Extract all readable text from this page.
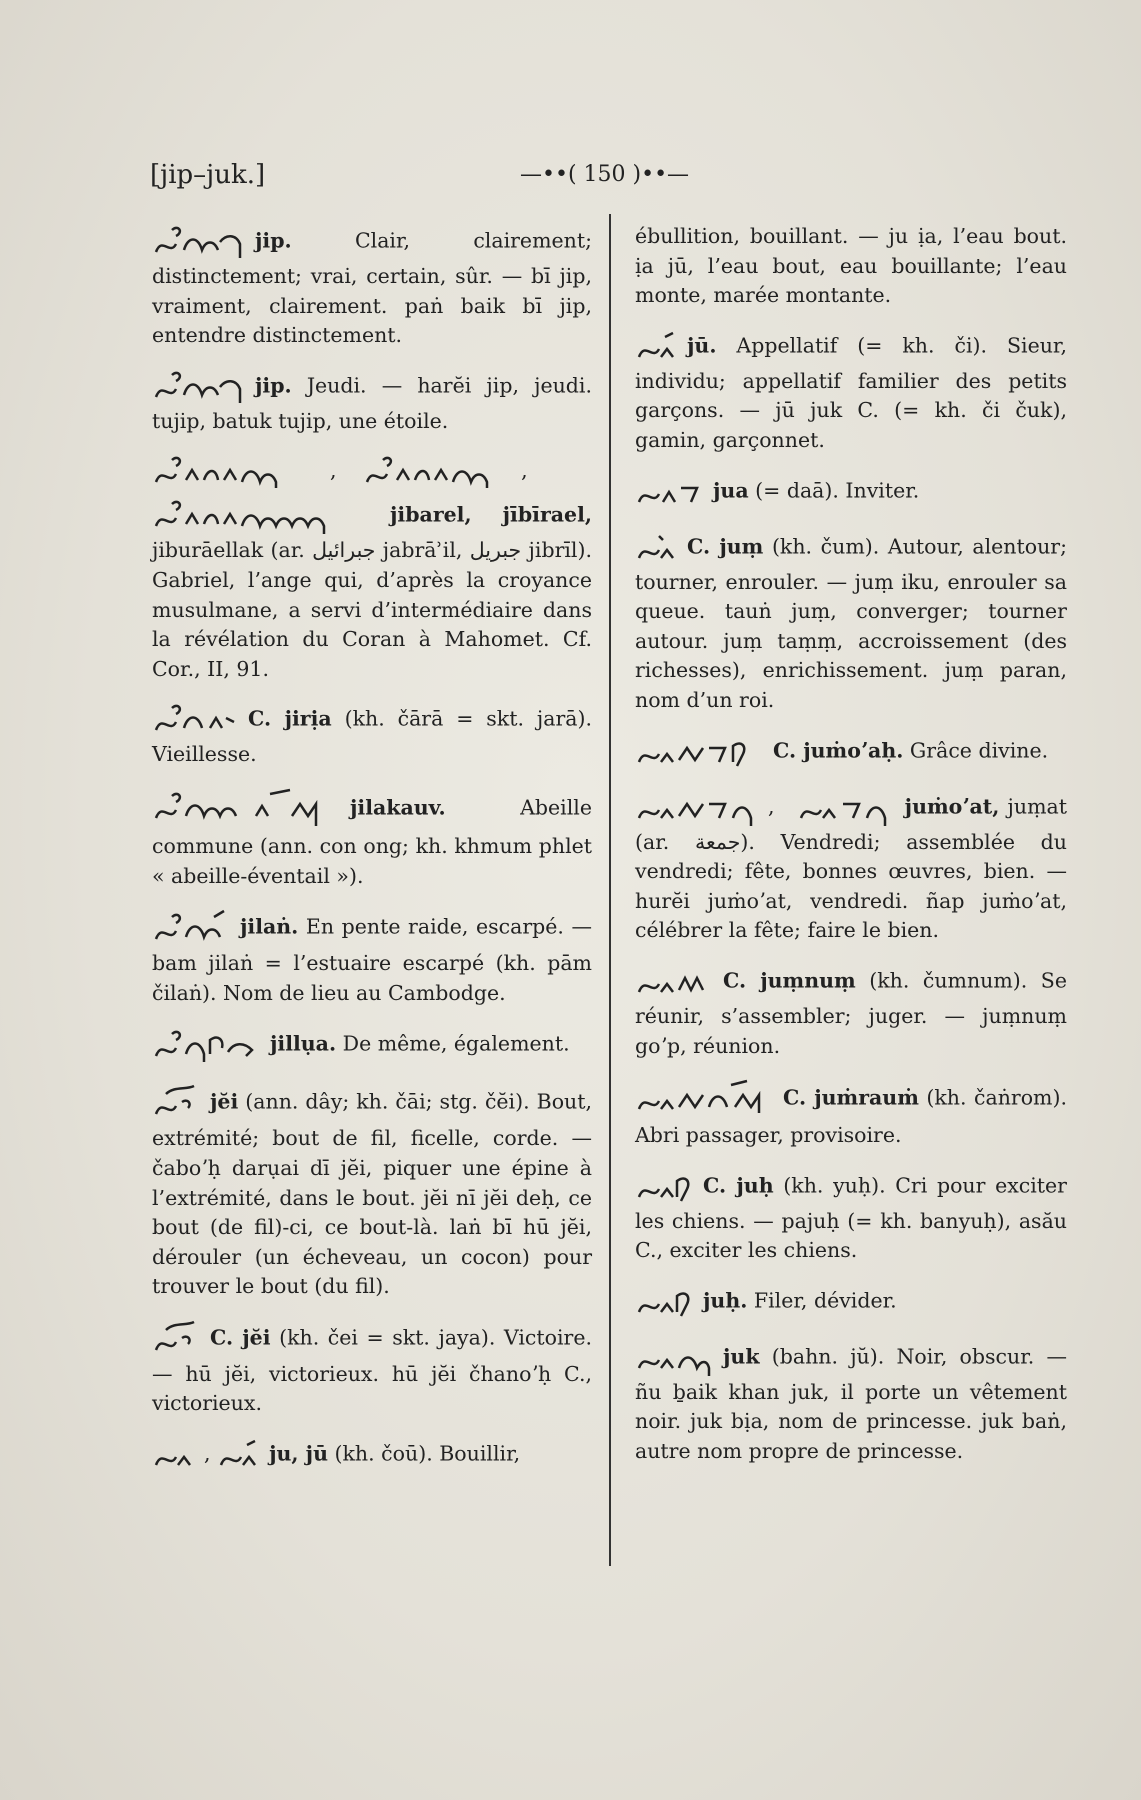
[jip–juk.]	—••( 150 )••—
jip.	Clair, clairement; distinctement; vrai, certain, sûr. — bī jip, vraiment, clairement. paṅ baik bī jip, entendre distinctement.
jip. Jeudi. — harĕi jip, jeudi. tujip, batuk tujip, une étoile.
,	,
jibarel, jībīrael, jiburāellak (ar. جبرائيل jabrāʾil, جبريل jibrīl). Gabriel, l’ange qui, d’après la croyance musulmane, a servi d’intermédiaire dans la révélation du Coran à Mahomet. Cf. Cor., II, 91.
C. jirịa (kh. čārā = skt. jarā). Vieillesse.
jilakauv.	Abeille commune (ann. con ong; kh. khmum phlet « abeille-éventail »).
jilaṅ. En pente raide, escarpé. — bam jilaṅ = l’estuaire escarpé (kh. pām čilaṅ). Nom de lieu au Cambodge.
jillụa. De même, également.
jĕi (ann. dây; kh. čāi; stg. čĕi). Bout, extrémité; bout de fil, ficelle, corde. — čaboʼḥ darụai dī jĕi, piquer une épine à l’extrémité, dans le bout. jĕi nī jĕi deḥ, ce bout (de fil)-ci, ce bout-là. laṅ bī hū jĕi, dérouler (un écheveau, un cocon) pour trouver le bout (du fil).
C. jĕi (kh. čei = skt. jaya). Victoire. — hū jĕi, victorieux. hū jĕi čhanoʼḥ C., victorieux.
,	ju, jū (kh. čoū). Bouillir,
ébullition, bouillant. — ju ịa, l’eau bout. ịa jū, l’eau bout, eau bouillante; l’eau monte, marée montante.
jū. Appellatif (= kh. či). Sieur, individu; appellatif familier des petits garçons. — jū juk C. (= kh. či čuk), gamin, garçonnet.
jua (= daā). Inviter.
C. juṃ (kh. čum). Autour, alentour; tourner, enrouler. — juṃ iku, enrouler sa queue. tauṅ juṃ, converger; tourner autour. juṃ taṃṃ, accroissement (des richesses), enrichissement. juṃ paran, nom d’un roi.
C. juṁoʼaḥ. Grâce divine.
,	juṁoʼat, juṃat (ar. جمعة). Vendredi; assemblée du vendredi; fête, bonnes œuvres, bien. — hurĕi juṁoʼat, vendredi. ñap juṁoʼat, célébrer la fête; faire le bien.
C. juṃnuṃ (kh. čumnum). Se réunir, s’assembler; juger. — juṃnuṃ goʼp, réunion.
C. juṁrauṁ (kh. čaṅrom). Abri passager, provisoire.
C. juḥ (kh. yuḥ). Cri pour exciter les chiens. — pajuḥ (= kh. banyuḥ), asău C., exciter les chiens.
juḥ. Filer, dévider.
juk (bahn. jŭ). Noir, obscur. — ñu ḇaik khan juk, il porte un vêtement noir. juk bịa, nom de princesse. juk baṅ, autre nom propre de princesse.
